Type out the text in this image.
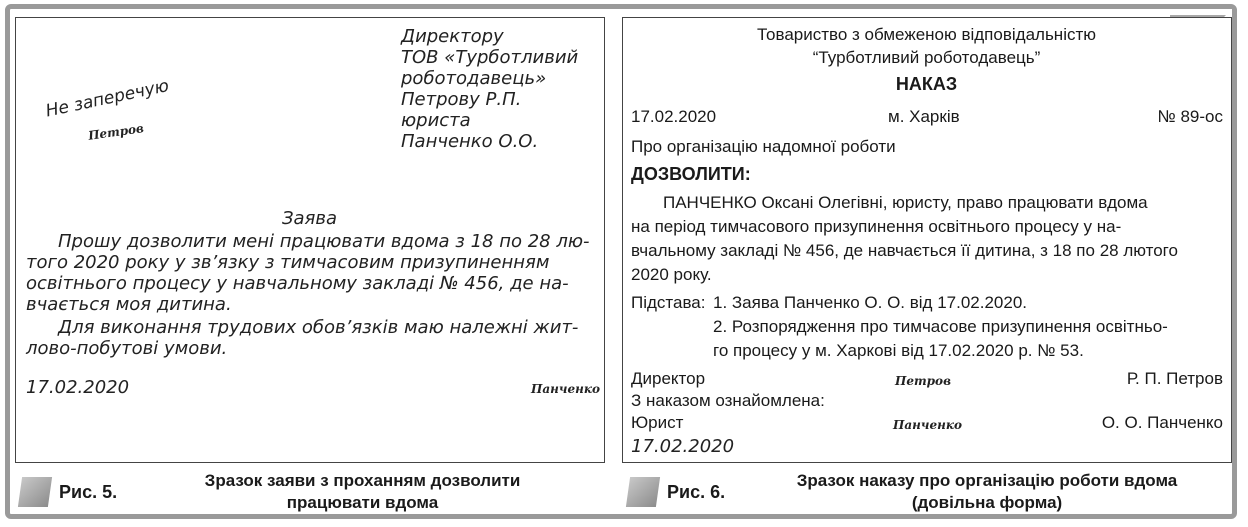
Директору
ТОВ «Турботливий
роботодавець»
Петрову Р.П.
юриста
Панченко О.О.
Не заперечую
Петров
Заява
Прошу дозволити мені працювати вдома з 18 по 28 лю-
того 2020 року у зв’язку з тимчасовим призупиненням
освітнього процесу у навчальному закладі № 456, де на-
вчається моя дитина.
Для виконання трудових обов’язків маю належні жит-
лово-побутові умови.
17.02.2020	Панченко
Товариство з обмеженою відповідальністю
“Турботливий роботодавець”
НАКАЗ
17.02.2020	м. Харків	№ 89-ос
Про організацію надомної роботи
ДОЗВОЛИТИ:
ПАНЧЕНКО Оксані Олегівні, юристу, право працювати вдома
на період тимчасового призупинення освітнього процесу у на-
вчальному закладі № 456, де навчається її дитина, з 18 по 28 лютого
2020 року.
Підстава: 1. Заява Панченко О. О. від 17.02.2020.
2. Розпорядження про тимчасове призупинення освітньо-
го процесу у м. Харкові від 17.02.2020 р. № 53.
Директор	Петров	Р. П. Петров
З наказом ознайомлена:
Юрист	Панченко	О. О. Панченко
17.02.2020
Рис. 5.
Зразок заяви з проханням дозволити
працювати вдома
Рис. 6.
Зразок наказу про організацію роботи вдома
(довільна форма)
